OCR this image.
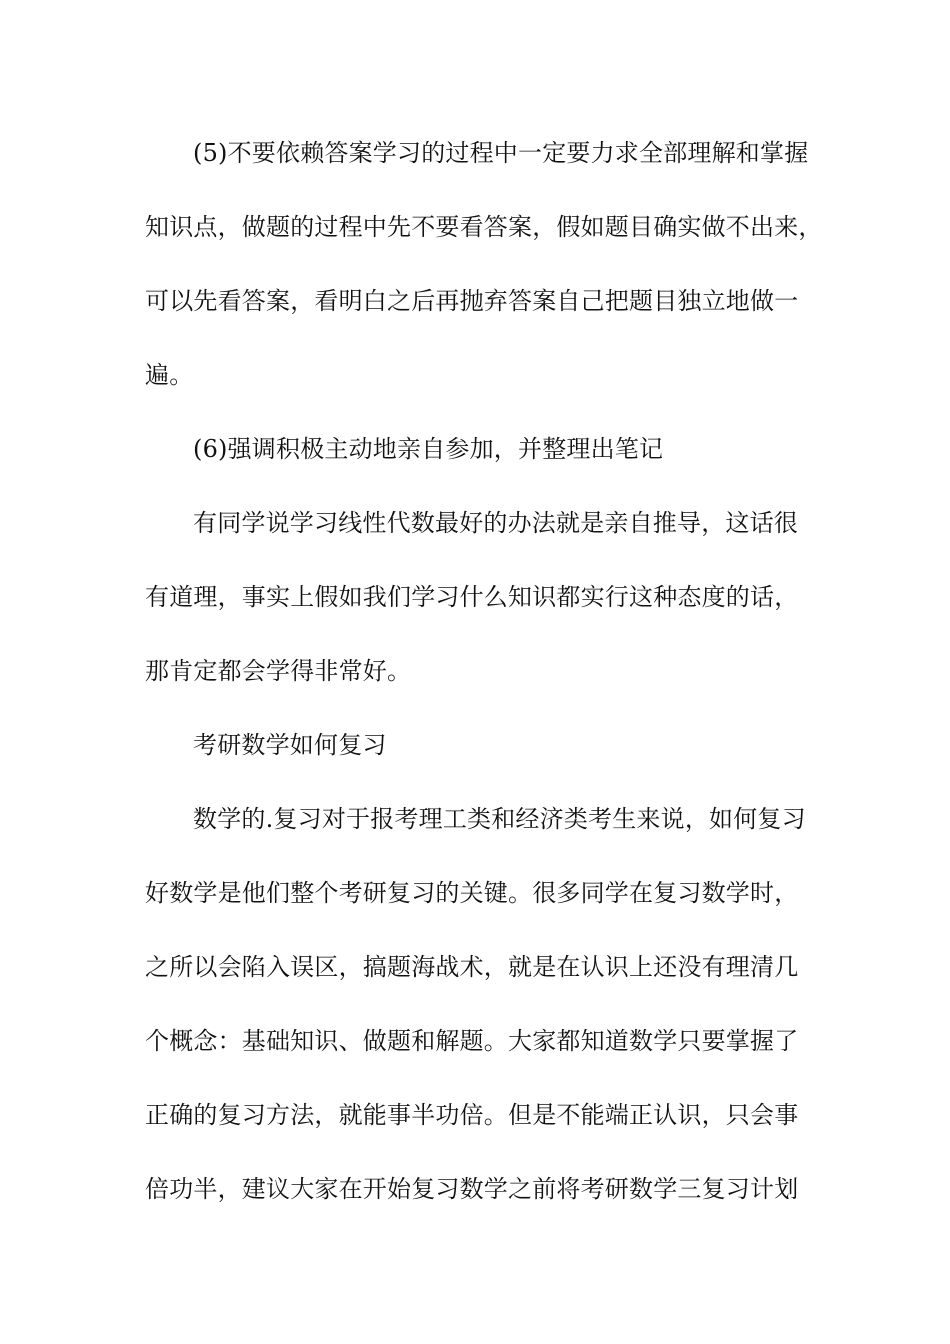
(5)不要依赖答案学习的过程中一定要力求全部理解和掌握
知识点，做题的过程中先不要看答案，假如题目确实做不出来，
可以先看答案，看明白之后再抛弃答案自己把题目独立地做一
遍。
(6)强调积极主动地亲自参加，并整理出笔记
有同学说学习线性代数最好的办法就是亲自推导，这话很
有道理，事实上假如我们学习什么知识都实行这种态度的话，
那肯定都会学得非常好。
考研数学如何复习
数学的.复习对于报考理工类和经济类考生来说，如何复习
好数学是他们整个考研复习的关键。很多同学在复习数学时，
之所以会陷入误区，搞题海战术，就是在认识上还没有理清几
个概念：基础知识、做题和解题。大家都知道数学只要掌握了
正确的复习方法，就能事半功倍。但是不能端正认识，只会事
倍功半，建议大家在开始复习数学之前将考研数学三复习计划
